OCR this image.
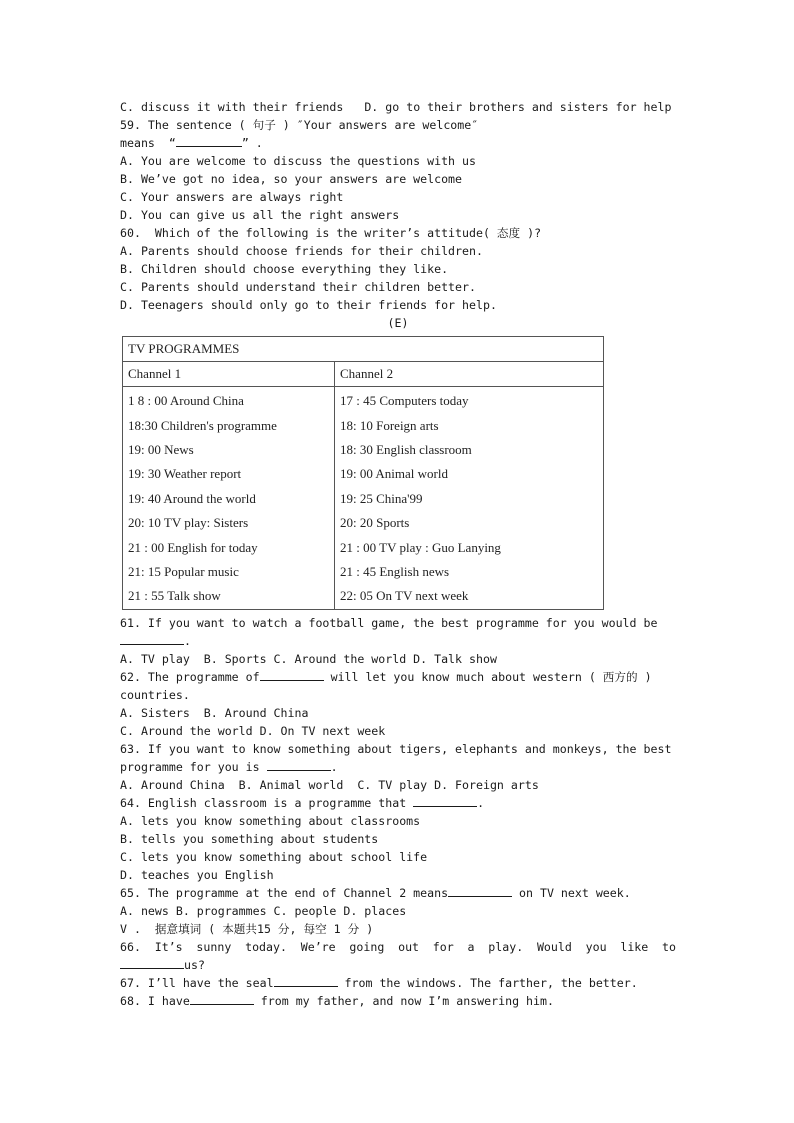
C. discuss it with their friends D. go to their brothers and sisters for help
59. The sentence ( 句子 ) ″Your answers are welcome″
means  “	” .
A. You are welcome to discuss the questions with us
B. We’ve got no idea, so your answers are welcome
C. Your answers are always right
D. You can give us all the right answers
60.  Which of the following is the writer’s attitude( 态度 )?
A. Parents should choose friends for their children.
B. Children should choose everything they like.
C. Parents should understand their children better.
D. Teenagers should only go to their friends for help.
(E)
TV PROGRAMMES	
Channel 1	Channel 2
1 8 : 00 Around China	17 : 45 Computers today
18:30 Children's programme	18: 10 Foreign arts
19: 00 News	18: 30 English classroom
19: 30 Weather report	19: 00 Animal world
19: 40 Around the world	19: 25 China'99
20: 10 TV play: Sisters	20: 20 Sports
21 : 00 English for today	21 : 00 TV play : Guo Lanying
21: 15 Popular music	21 : 45 English news
21 : 55 Talk show	22: 05 On TV next week
61. If you want to watch a football game, the best programme for you would be
.
A. TV play  B. Sports C. Around the world D. Talk show
62. The programme of	will let you know much about western ( 西方的 )
countries.
A. Sisters  B. Around China
C. Around the world D. On TV next week
63. If you want to know something about tigers, elephants and monkeys, the best
programme for you is	.
A. Around China  B. Animal world  C. TV play D. Foreign arts
64. English classroom is a programme that	.
A. lets you know something about classrooms
B. tells you something about students
C. lets you know something about school life
D. teaches you English
65. The programme at the end of Channel 2 means	on TV next week.
A. news B. programmes C. people D. places
V .  据意填词 ( 本题共15 分, 每空 1 分 )
66. It’s sunny today. We’re going out for a play. Would you like to
us?
67. I’ll have the seal	from the windows. The farther, the better.
68. I have	from my father, and now I’m answering him.
